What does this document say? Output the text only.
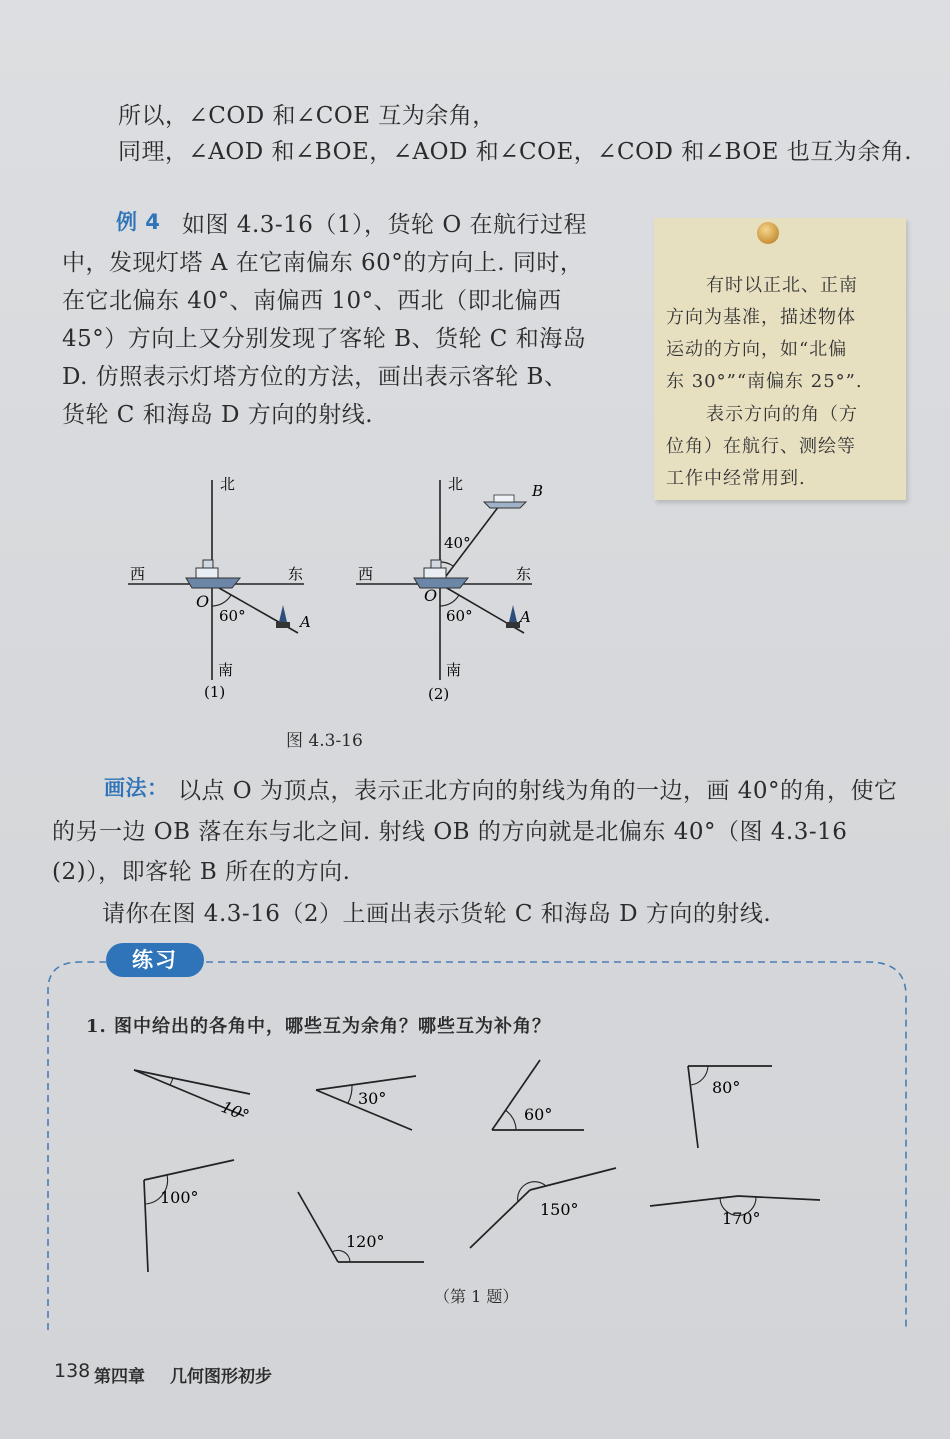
所以，∠COD 和∠COE 互为余角，
同理，∠AOD 和∠BOE，∠AOD 和∠COE，∠COD 和∠BOE 也互为余角.
例 4 如图 4.3-16（1），货轮 O 在航行过程
中，发现灯塔 A 在它南偏东 60°的方向上. 同时，
在它北偏东 40°、南偏西 10°、西北（即北偏西
45°）方向上又分别发现了客轮 B、货轮 C 和海岛
D. 仿照表示灯塔方位的方法，画出表示客轮 B、
货轮 C 和海岛 D 方向的射线.
有时以正北、正南
方向为基准，描述物体
运动的方向，如“北偏
东 30°”“南偏东 25°”.
表示方向的角（方
位角）在航行、测绘等
工作中经常用到.
北
南
西	东
O
60°	A
(1)
北
南
西	东
O
60°
40°
A
B
(2)
图 4.3-16
画法： 以点 O 为顶点，表示正北方向的射线为角的一边，画 40°的角，使它
的另一边 OB 落在东与北之间. 射线 OB 的方向就是北偏东 40°（图 4.3-16
(2)），即客轮 B 所在的方向.
请你在图 4.3-16（2）上画出表示货轮 C 和海岛 D 方向的射线.
练习
1. 图中给出的各角中，哪些互为余角？哪些互为补角？
10°	30°
60°
80°
100°
120°
150°	170°
（第 1 题）
138 第四章 几何图形初步
